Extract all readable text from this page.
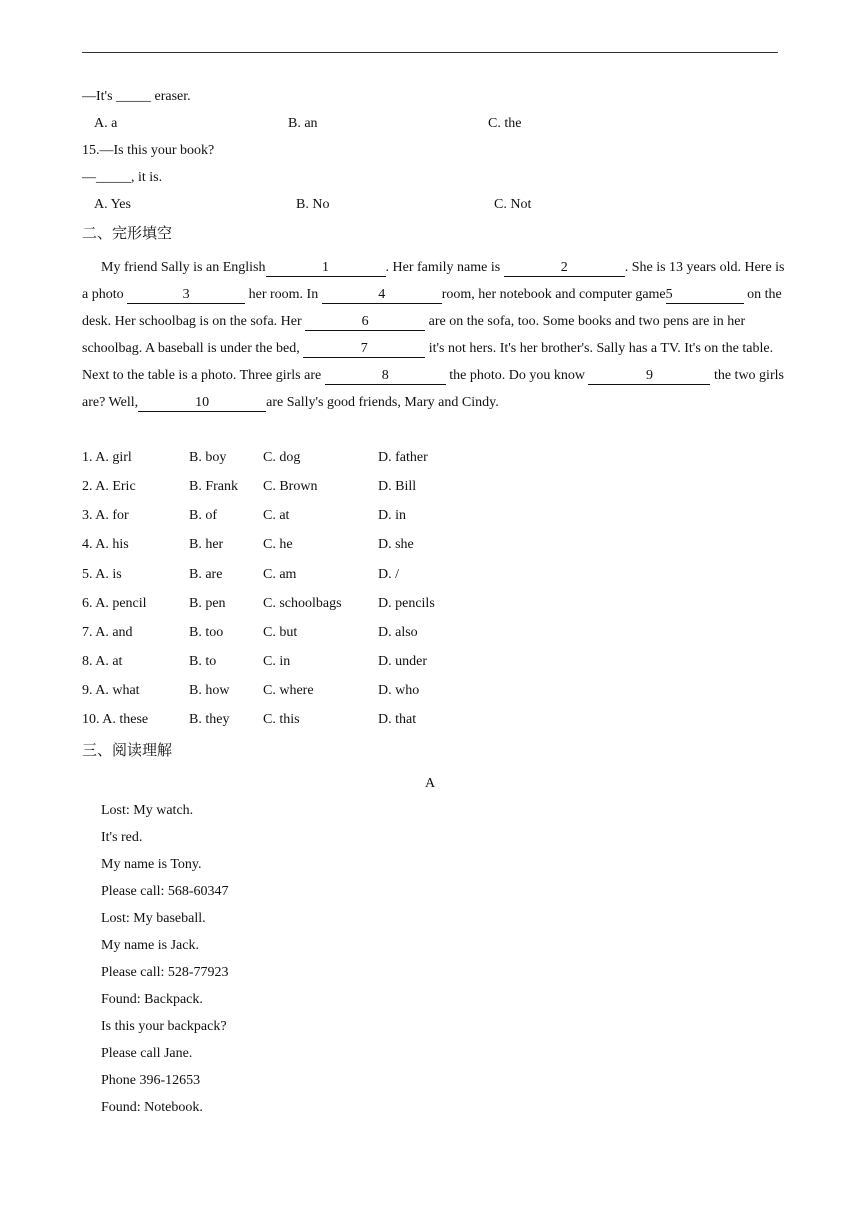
—It's _____ eraser.
A. a	B. an	C. the
15.—Is this your book?
—_____, it is.
A. Yes	B. No	C. Not
二、完形填空
My friend Sally is an English	1	. Her family name is	2	. She is 13 years old. Here is a photo	3	her room. In	4	room, her notebook and computer game5	on the desk. Her schoolbag is on the sofa. Her	6	are on the sofa, too. Some books and two pens are in her schoolbag. A baseball is under the bed,	7	it's not hers. It's her brother's. Sally has a TV. It's on the table. Next to the table is a photo. Three girls are	8	the photo. Do you know	9	the two girls are? Well,	10	are Sally's good friends, Mary and Cindy.
1. A. girl	B. boy	C. dog	D. father
2. A. Eric	B. Frank C. Brown	D. Bill
3. A. for	B. of	C. at	D. in
4. A. his	B. her	C. he	D. she
5. A. is	B. are	C. am	D. /
6. A. pencil	B. pen	C. schoolbags	D. pencils
7. A. and	B. too	C. but	D. also
8. A. at	B. to	C. in	D. under
9. A. what	B. how C. where	D. who
10. A. these	B. they C. this	D. that
三、阅读理解
A
Lost: My watch.
It's red.
My name is Tony.
Please call: 568-60347
Lost: My baseball.
My name is Jack.
Please call: 528-77923
Found: Backpack.
Is this your backpack?
Please call Jane.
Phone 396-12653
Found: Notebook.
